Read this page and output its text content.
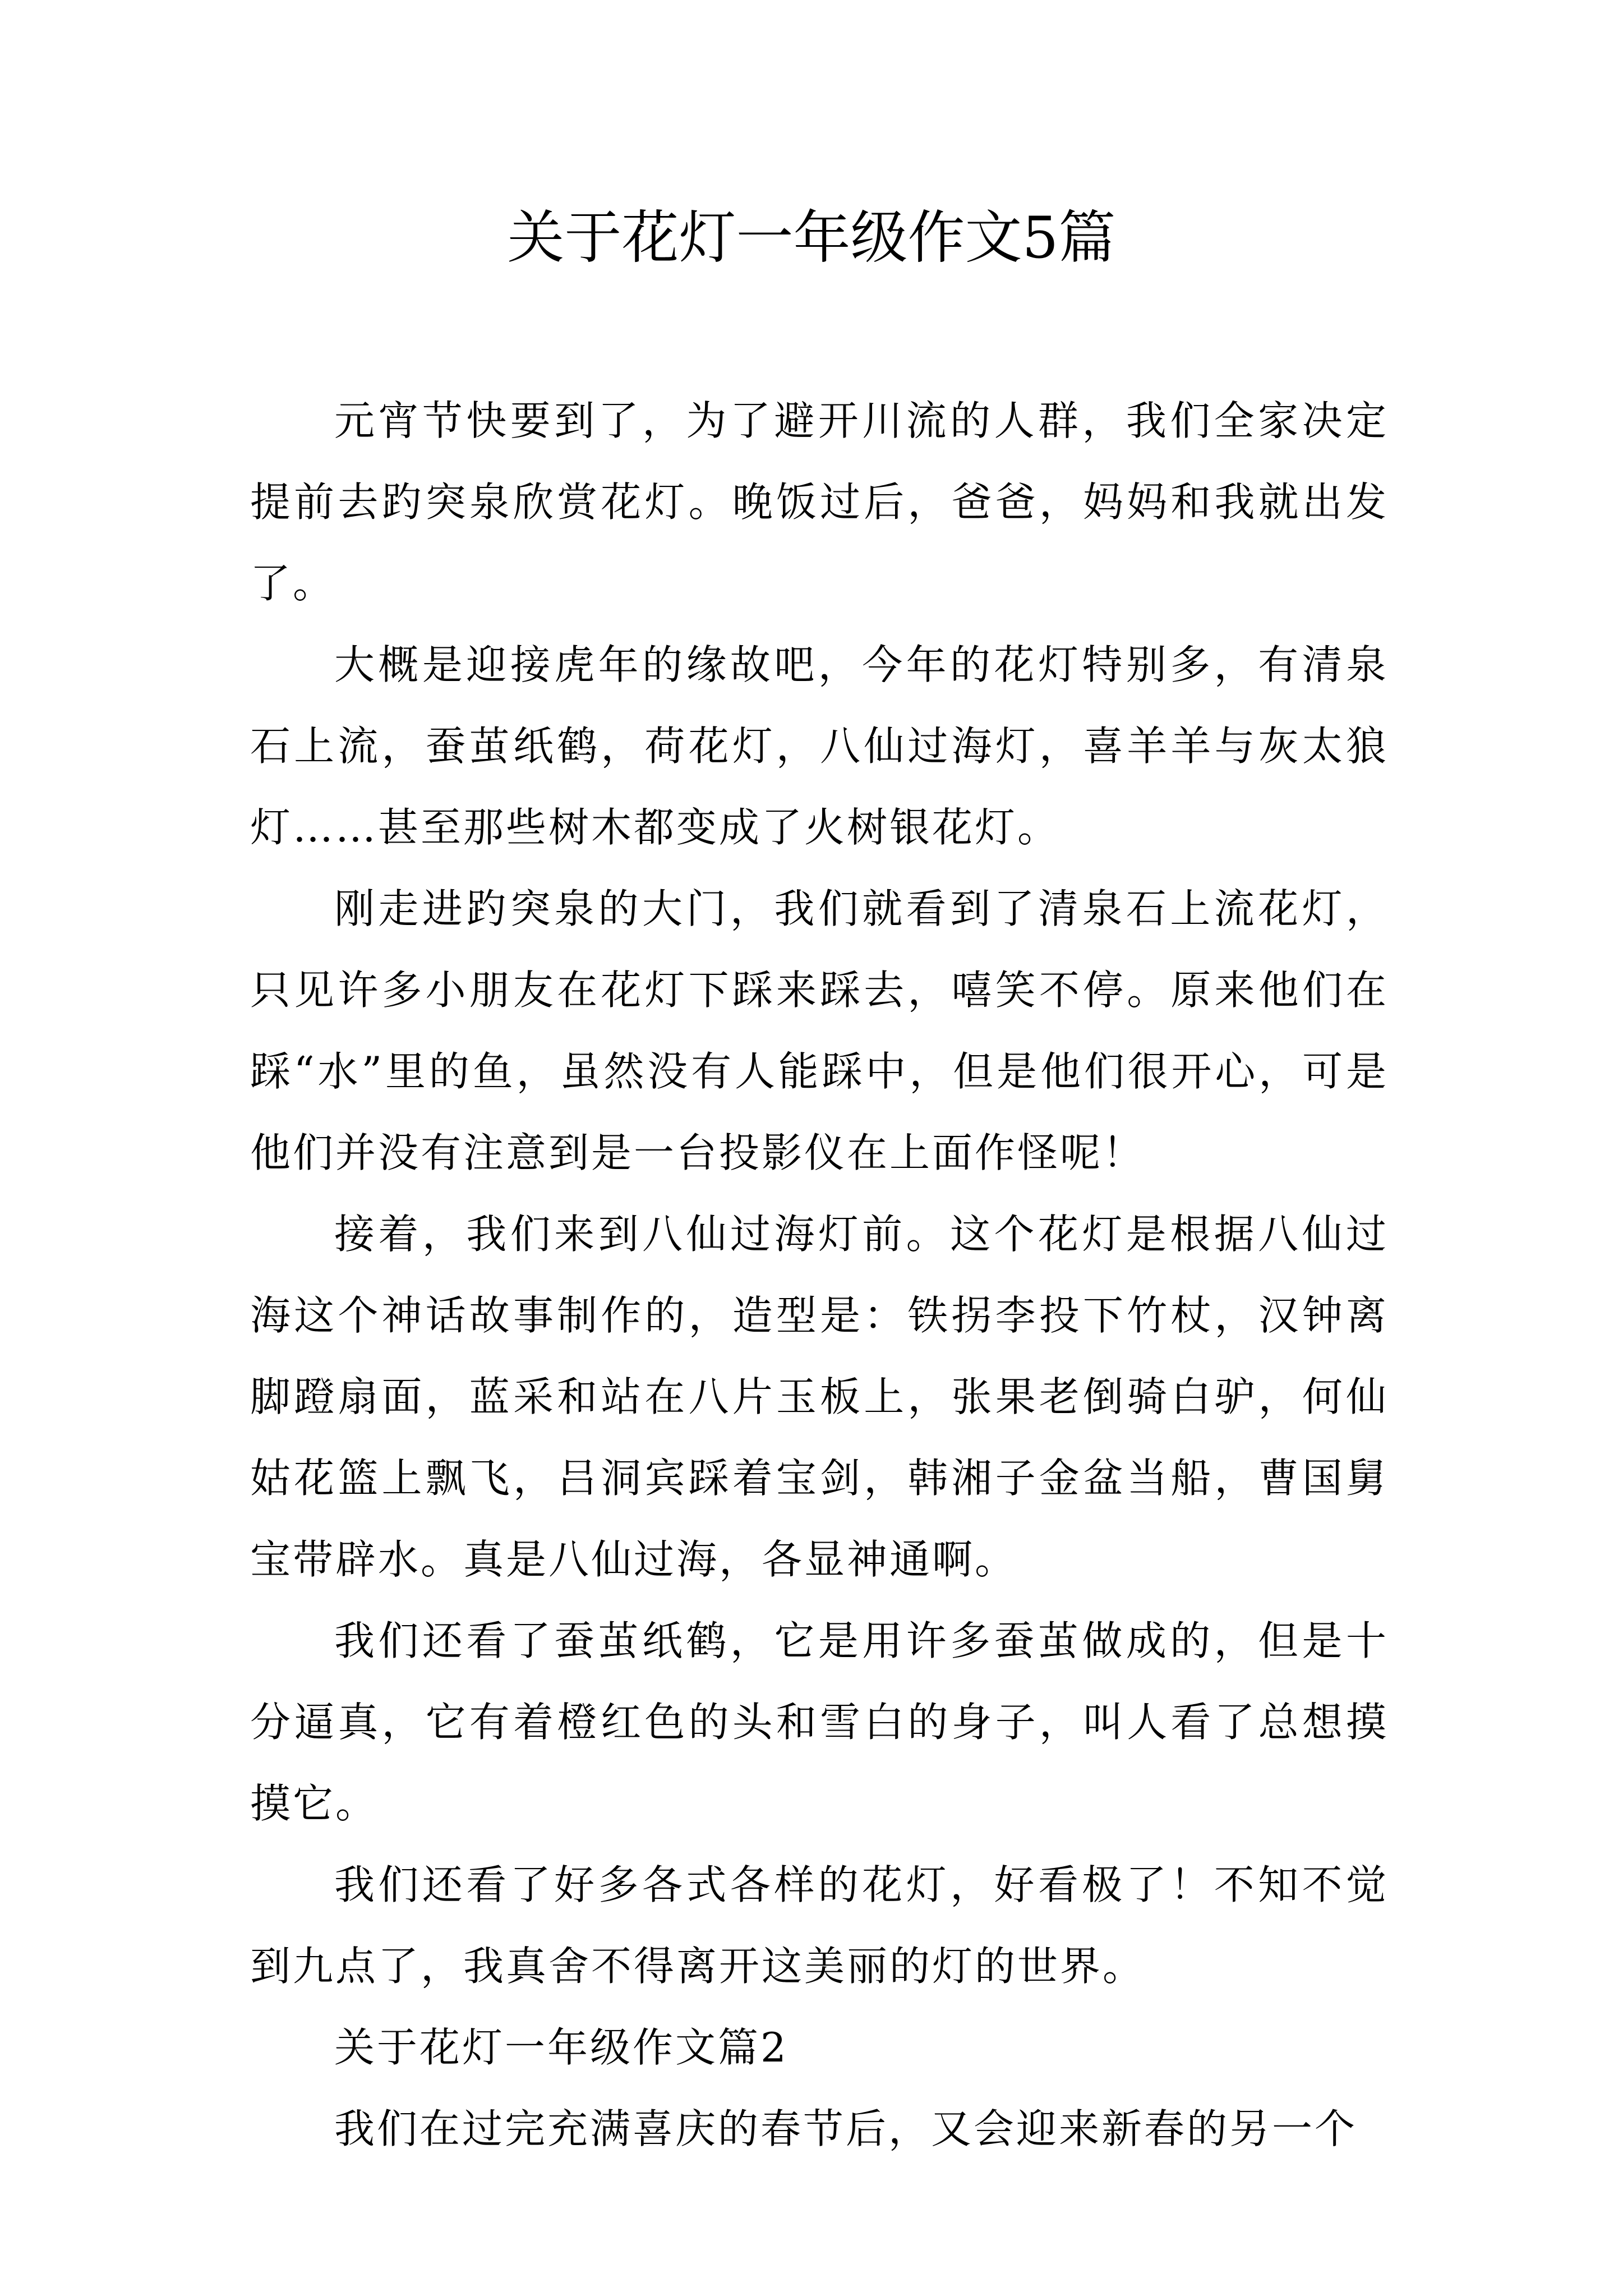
关于花灯一年级作文5篇

元宵节快要到了，为了避开川流的人群，我们全家决定提前去趵突泉欣赏花灯。晚饭过后，爸爸，妈妈和我就出发了。

大概是迎接虎年的缘故吧，今年的花灯特别多，有清泉石上流，蚕茧纸鹤，荷花灯，八仙过海灯，喜羊羊与灰太狼灯……甚至那些树木都变成了火树银花灯。

刚走进趵突泉的大门，我们就看到了清泉石上流花灯，只见许多小朋友在花灯下踩来踩去，嘻笑不停。原来他们在踩“水”里的鱼，虽然没有人能踩中，但是他们很开心，可是他们并没有注意到是一台投影仪在上面作怪呢！

接着，我们来到八仙过海灯前。这个花灯是根据八仙过海这个神话故事制作的，造型是：铁拐李投下竹杖，汉钟离脚蹬扇面，蓝采和站在八片玉板上，张果老倒骑白驴，何仙姑花篮上飘飞，吕洞宾踩着宝剑，韩湘子金盆当船，曹国舅宝带辟水。真是八仙过海，各显神通啊。

我们还看了蚕茧纸鹤，它是用许多蚕茧做成的，但是十分逼真，它有着橙红色的头和雪白的身子，叫人看了总想摸摸它。

我们还看了好多各式各样的花灯，好看极了！不知不觉到九点了，我真舍不得离开这美丽的灯的世界。

关于花灯一年级作文篇2

我们在过完充满喜庆的春节后，又会迎来新春的另一个
